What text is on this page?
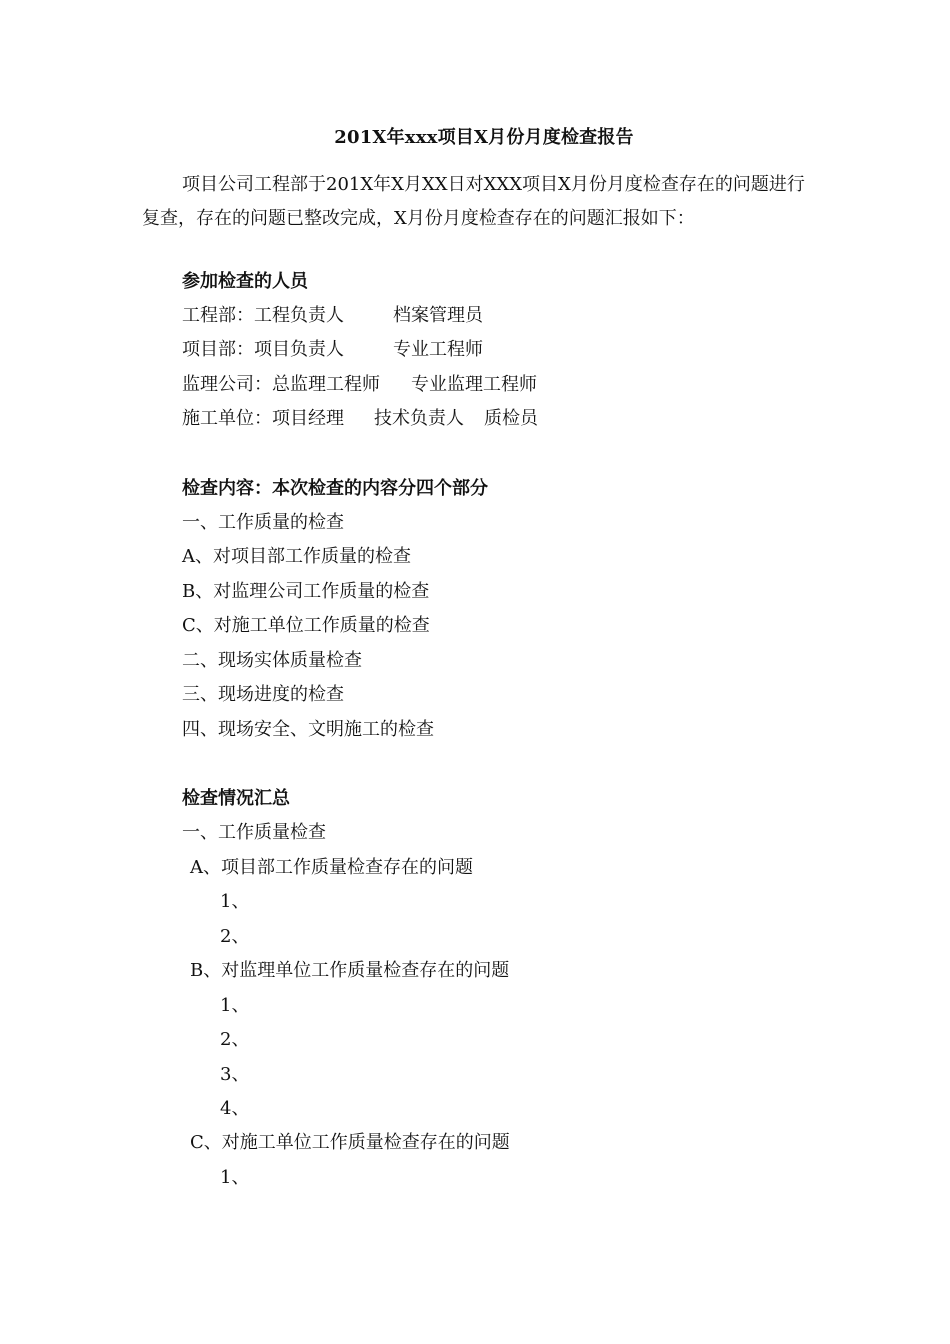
201X年xxx项目X月份月度检查报告
项目公司工程部于201X年X月XX日对XXX项目X月份月度检查存在的问题进行复查，存在的问题已整改完成，X月份月度检查存在的问题汇报如下：
参加检查的人员
工程部：工程负责人	档案管理员
项目部：项目负责人	专业工程师
监理公司：总监理工程师 专业监理工程师
施工单位：项目经理 技术负责人 质检员
检查内容：本次检查的内容分四个部分
一、工作质量的检查
A、对项目部工作质量的检查
B、对监理公司工作质量的检查
C、对施工单位工作质量的检查
二、现场实体质量检查
三、现场进度的检查
四、现场安全、文明施工的检查
检查情况汇总
一、工作质量检查
A、项目部工作质量检查存在的问题
1、
2、
B、对监理单位工作质量检查存在的问题
1、
2、
3、
4、
C、对施工单位工作质量检查存在的问题
1、
